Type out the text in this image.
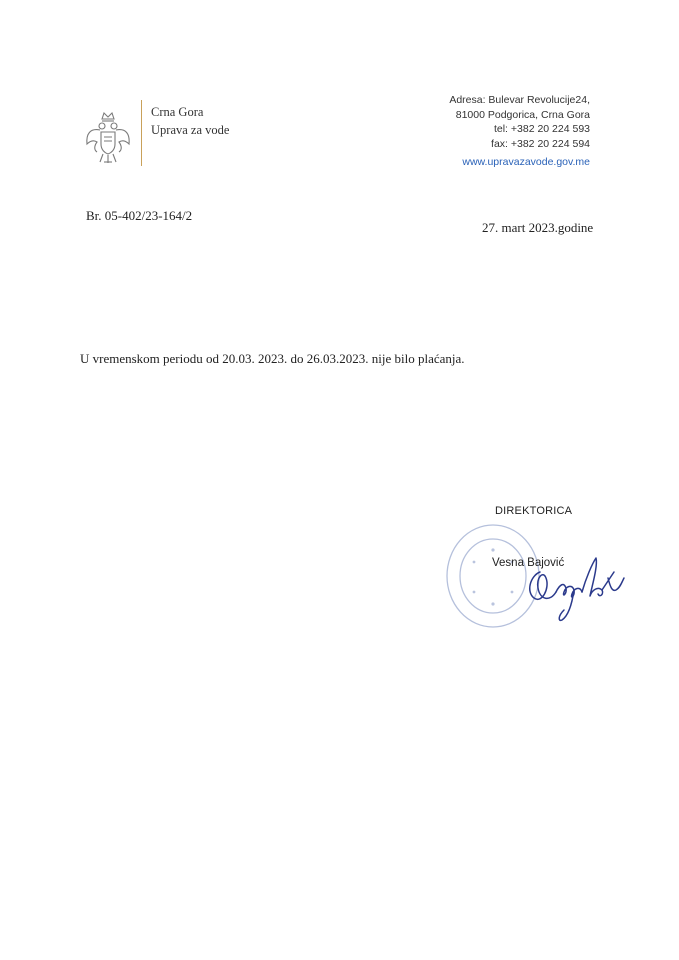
Crna Gora
Uprava za vode
Adresa: Bulevar Revolucije24,
81000 Podgorica, Crna Gora
tel: +382 20 224 593
fax: +382 20 224 594
www.upravazavode.gov.me
Br. 05-402/23-164/2
27. mart 2023.godine
U vremenskom periodu od 20.03. 2023. do 26.03.2023. nije bilo plaćanja.
DIREKTORICA
Vesna Bajović
